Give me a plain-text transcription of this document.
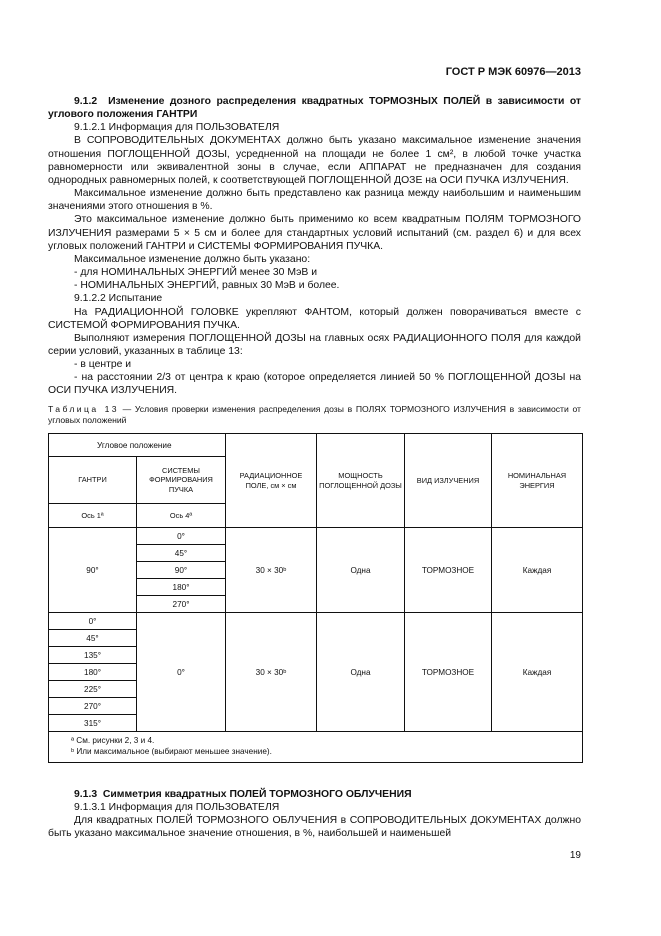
ГОСТ Р МЭК 60976—2013

9.1.2 Изменение дозного распределения квадратных ТОРМОЗНЫХ ПОЛЕЙ в зависимости от углового положения ГАНТРИ

9.1.2.1 Информация для ПОЛЬЗОВАТЕЛЯ

В СОПРОВОДИТЕЛЬНЫХ ДОКУМЕНТАХ должно быть указано максимальное изменение значения отношения ПОГЛОЩЕННОЙ ДОЗЫ, усредненной на площади не более 1 см², в любой точке участка равномерности или эквивалентной зоны в случае, если АППАРАТ не предназначен для создания однородных равномерных полей, к соответствующей ПОГЛОЩЕННОЙ ДОЗЕ на ОСИ ПУЧКА ИЗЛУЧЕНИЯ.

Максимальное изменение должно быть представлено как разница между наибольшим и наименьшим значениями этого отношения в %.

Это максимальное изменение должно быть применимо ко всем квадратным ПОЛЯМ ТОРМОЗНОГО ИЗЛУЧЕНИЯ размерами 5 × 5 см и более для стандартных условий испытаний (см. раздел 6) и для всех угловых положений ГАНТРИ и СИСТЕМЫ ФОРМИРОВАНИЯ ПУЧКА.

Максимальное изменение должно быть указано:

- для НОМИНАЛЬНЫХ ЭНЕРГИЙ менее 30 МэВ и

- НОМИНАЛЬНЫХ ЭНЕРГИЙ, равных 30 МэВ и более.

9.1.2.2 Испытание

На РАДИАЦИОННОЙ ГОЛОВКЕ укрепляют ФАНТОМ, который должен поворачиваться вместе с СИСТЕМОЙ ФОРМИРОВАНИЯ ПУЧКА.

Выполняют измерения ПОГЛОЩЕННОЙ ДОЗЫ на главных осях РАДИАЦИОННОГО ПОЛЯ для каждой серии условий, указанных в таблице 13:

- в центре и

- на расстоянии 2/3 от центра к краю (которое определяется линией 50 % ПОГЛОЩЕННОЙ ДОЗЫ на ОСИ ПУЧКА ИЗЛУЧЕНИЯ.

Таблица 13 — Условия проверки изменения распределения дозы в ПОЛЯХ ТОРМОЗНОГО ИЗЛУЧЕНИЯ в зависимости от угловых положений
Угловое положение		РАДИАЦИОННОЕ ПОЛЕ, см × см	МОЩНОСТЬ ПОГЛОЩЕННОЙ ДОЗЫ	ВИД ИЗЛУЧЕНИЯ	НОМИНАЛЬНАЯ ЭНЕРГИЯ
ГАНТРИ	СИСТЕМЫ ФОРМИРОВАНИЯ ПУЧКА				
Ось 1ª	Ось 4ª				
90°	0°	30 × 30ᵇ	Одна	ТОРМОЗНОЕ	Каждая
	45°				
	90°				
	180°				
	270°				
0°	0°	30 × 30ᵇ	Одна	ТОРМОЗНОЕ	Каждая
45°					
135°					
180°					
225°					
270°					
315°					

ª См. рисунки 2, 3 и 4.
ᵇ Или максимальное (выбирают меньшее значение).					

9.1.3 Симметрия квадратных ПОЛЕЙ ТОРМОЗНОГО ОБЛУЧЕНИЯ

9.1.3.1 Информация для ПОЛЬЗОВАТЕЛЯ

Для квадратных ПОЛЕЙ ТОРМОЗНОГО ОБЛУЧЕНИЯ в СОПРОВОДИТЕЛЬНЫХ ДОКУМЕНТАХ должно быть указано максимальное значение отношения, в %, наибольшей и наименьшей

19
